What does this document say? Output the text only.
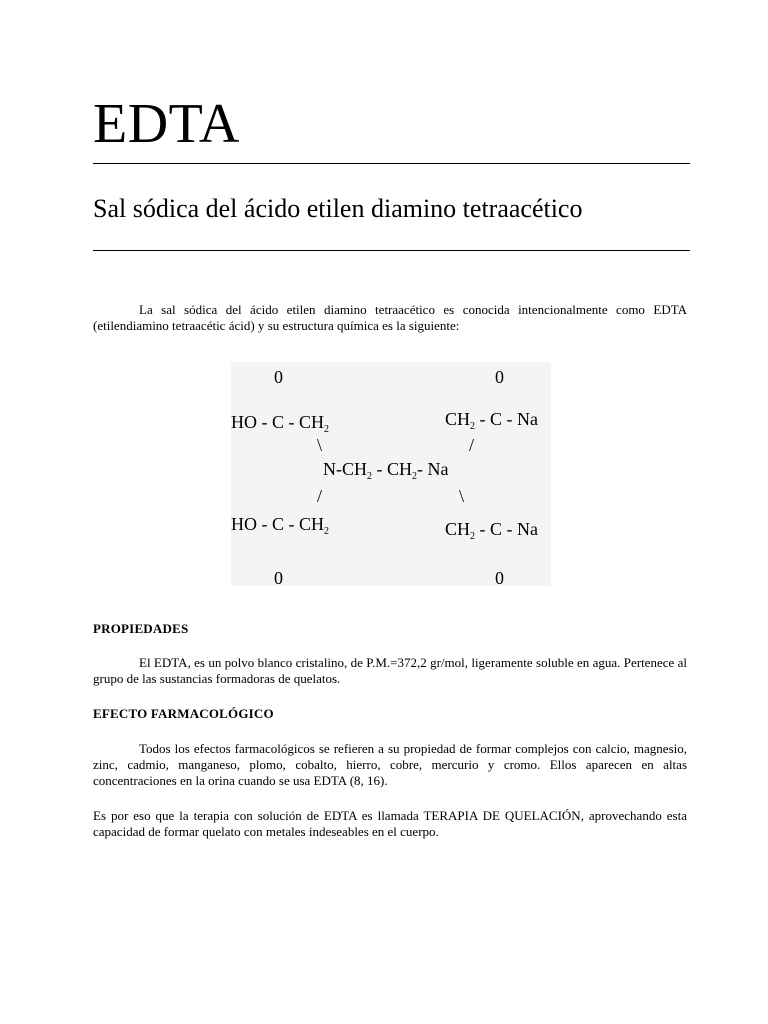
EDTA
Sal sódica del ácido etilen diamino tetraacético

La sal sódica del ácido etilen diamino tetraacético es conocida intencionalmente como EDTA (etilendiamino tetraacétic ácid) y su estructura química es la siguiente:

0	0
HO - C - $CH_2$
$CH_2$ - C - Na
\	/
$N-CH_2 - CH_2-$ Na
/	\
HO - C - $CH_2$	$CH_2$ - C - Na
0	0
PROPIEDADES

El EDTA, es un polvo blanco cristalino, de P.M.=372,2 gr/mol, ligeramente soluble en agua. Pertenece al grupo de las sustancias formadoras de quelatos.

EFECTO FARMACOLÓGICO

Todos los efectos farmacológicos se refieren a su propiedad de formar complejos con calcio, magnesio, zinc, cadmio, manganeso, plomo, cobalto, hierro, cobre, mercurio y cromo. Ellos aparecen en altas concentraciones en la orina cuando se usa EDTA (8, 16).

Es por eso que la terapia con solución de EDTA es llamada TERAPIA DE QUELACIÓN, aprovechando esta capacidad de formar quelato con metales indeseables en el cuerpo.
